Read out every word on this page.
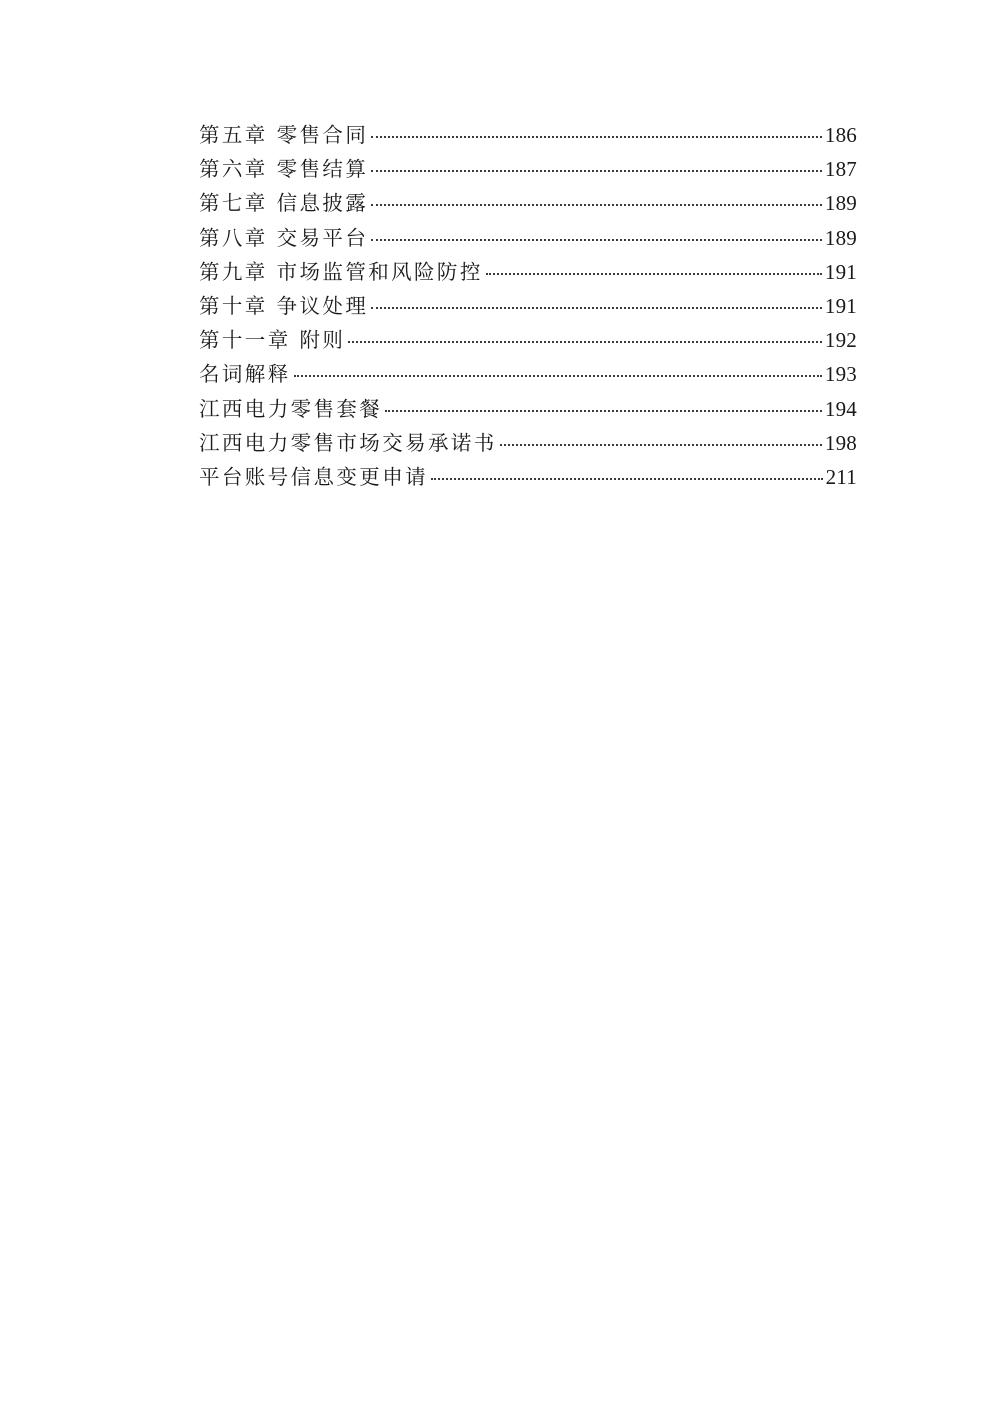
第五章 零售合同	186
第六章 零售结算	187
第七章 信息披露	189
第八章 交易平台	189
第九章 市场监管和风险防控	191
第十章 争议处理	191
第十一章 附则	192
名词解释	193
江西电力零售套餐	194
江西电力零售市场交易承诺书	198
平台账号信息变更申请	211
